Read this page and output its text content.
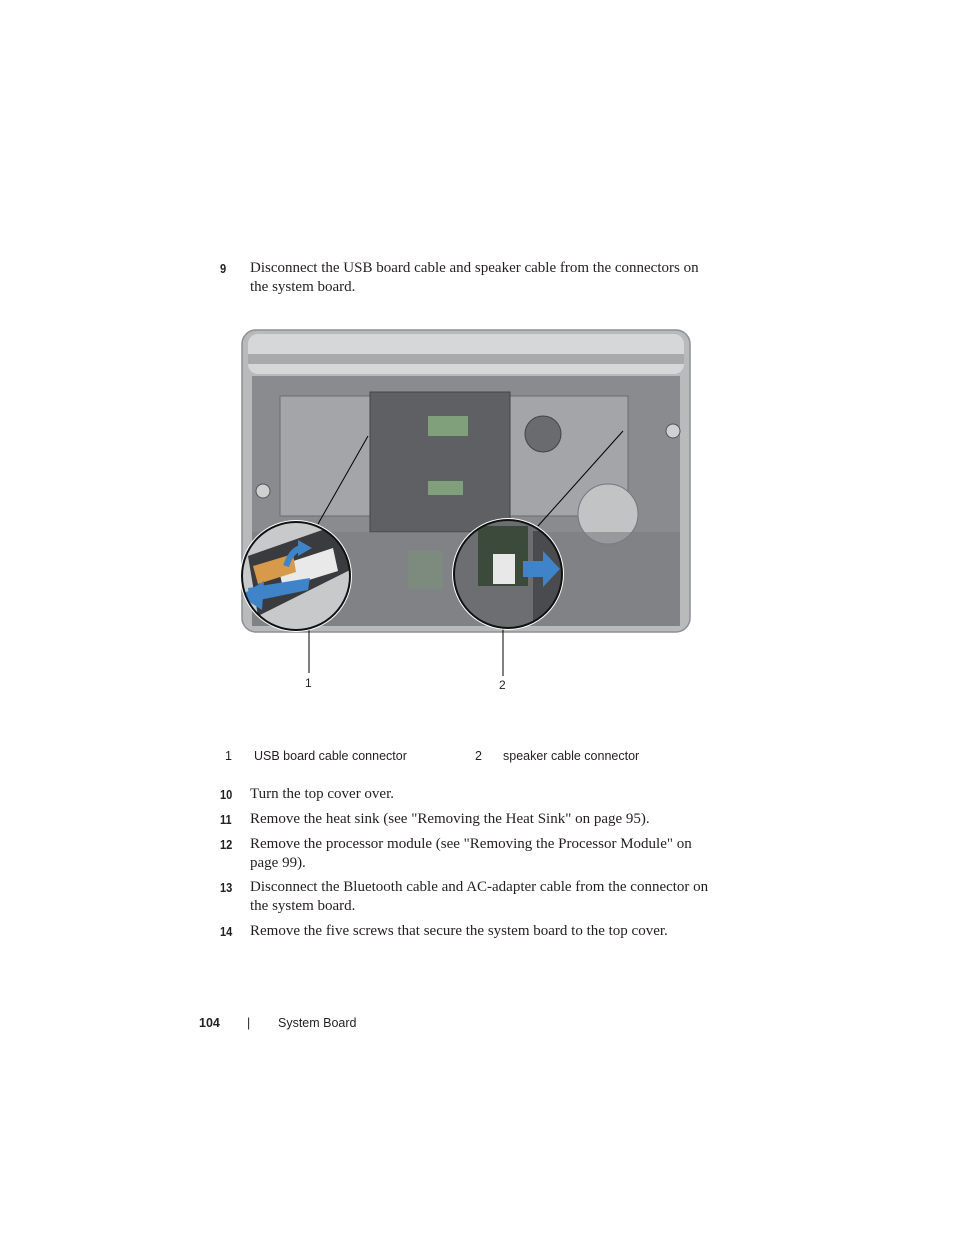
9	Disconnect the USB board cable and speaker cable from the connectors on the system board.
1	2
1 USB board cable connector	2 speaker cable connector
10	Turn the top cover over.
11	Remove the heat sink (see "Removing the Heat Sink" on page 95).
12	Remove the processor module (see "Removing the Processor Module" on page 99).
13	Disconnect the Bluetooth cable and AC-adapter cable from the connector on the system board.
14	Remove the five screws that secure the system board to the top cover.
104 | System Board
